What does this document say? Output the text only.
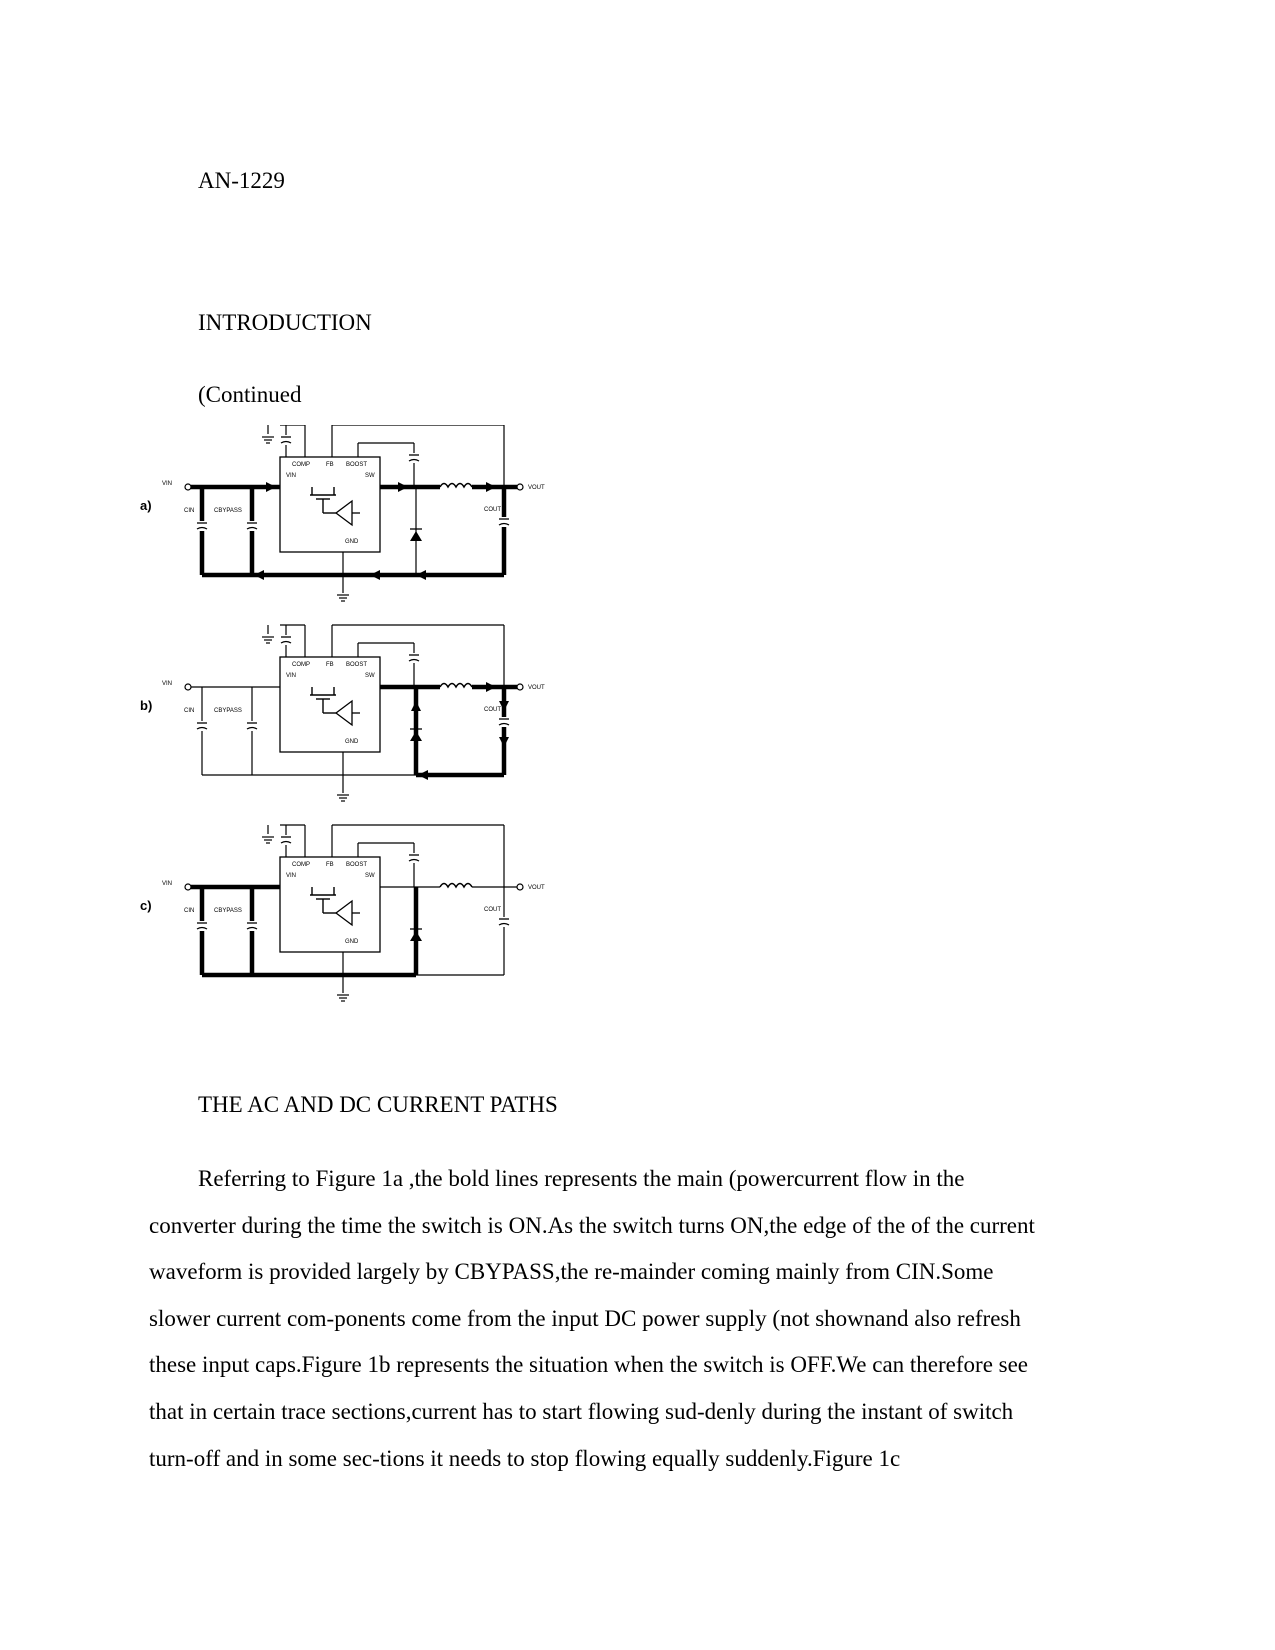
AN-1229
INTRODUCTION
(Continued
a)
COMP	FB BOOST
VIN	SW
GND
VIN
CIN	CBYPASS
VOUT
COUT
b)
COMP	FB BOOST
VIN	SW
GND
VIN
CIN	CBYPASS
VOUT
COUT
c)
COMP	FB BOOST
VIN	SW
GND
VIN
CIN	CBYPASS
VOUT
COUT
THE AC AND DC CURRENT PATHS
Referring to Figure 1a ,the bold lines represents the main (powercurrent flow in the
converter during the time the switch is ON.As the switch turns ON,the edge of the of the current
waveform is provided largely by CBYPASS,the re-mainder coming mainly from CIN.Some
slower current com-ponents come from the input DC power supply (not shownand also refresh
these input caps.Figure 1b represents the situation when the switch is OFF.We can therefore see
that in certain trace sections,current has to start flowing sud-denly during the instant of switch
turn-off and in some sec-tions it needs to stop flowing equally suddenly.Figure 1c
